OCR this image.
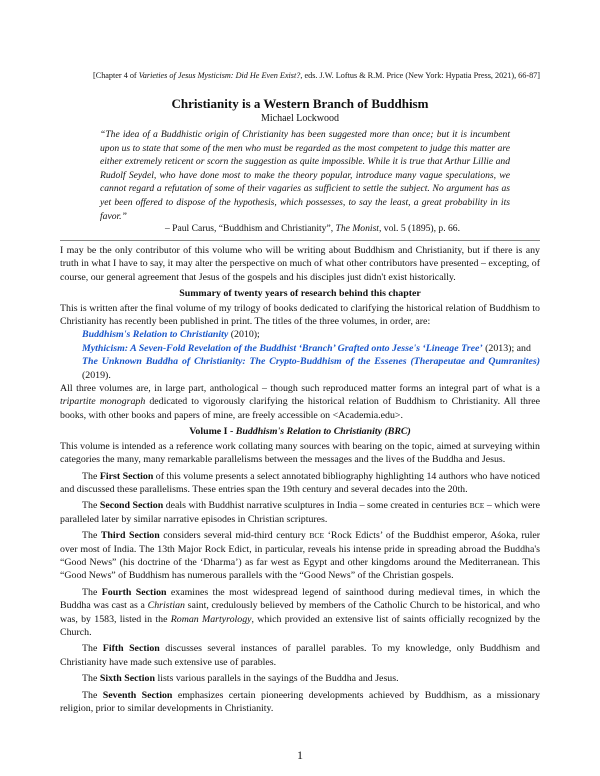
[Chapter 4 of Varieties of Jesus Mysticism: Did He Even Exist?, eds. J.W. Loftus & R.M. Price (New York: Hypatia Press, 2021), 66-87]
Christianity is a Western Branch of Buddhism
Michael Lockwood
“The idea of a Buddhistic origin of Christianity has been suggested more than once; but it is incumbent upon us to state that some of the men who must be regarded as the most competent to judge this matter are either extremely reticent or scorn the suggestion as quite impossible. While it is true that Arthur Lillie and Rudolf Seydel, who have done most to make the theory popular, introduce many vague speculations, we cannot regard a refutation of some of their vagaries as sufficient to settle the subject. No argument has as yet been offered to dispose of the hypothesis, which possesses, to say the least, a great probability in its favor.”
– Paul Carus, “Buddhism and Christianity”, The Monist, vol. 5 (1895), p. 66.

I may be the only contributor of this volume who will be writing about Buddhism and Christianity, but if there is any truth in what I have to say, it may alter the perspective on much of what other contributors have presented – excepting, of course, our general agreement that Jesus of the gospels and his disciples just didn't exist historically.

Summary of twenty years of research behind this chapter

This is written after the final volume of my trilogy of books dedicated to clarifying the historical relation of Buddhism to Christianity has recently been published in print. The titles of the three volumes, in order, are:

Buddhism's Relation to Christianity (2010);
Mythicism: A Seven-Fold Revelation of the Buddhist ‘Branch’ Grafted onto Jesse's ‘Lineage Tree’ (2013); and
The Unknown Buddha of Christianity: The Crypto-Buddhism of the Essenes (Therapeutae and Qumranites) (2019).

All three volumes are, in large part, anthological – though such reproduced matter forms an integral part of what is a tripartite monograph dedicated to vigorously clarifying the historical relation of Buddhism to Christianity. All three books, with other books and papers of mine, are freely accessible on <Academia.edu>.

Volume I - Buddhism's Relation to Christianity (BRC)

This volume is intended as a reference work collating many sources with bearing on the topic, aimed at surveying within categories the many, many remarkable parallelisms between the messages and the lives of the Buddha and Jesus.

The First Section of this volume presents a select annotated bibliography highlighting 14 authors who have noticed and discussed these parallelisms. These entries span the 19th century and several decades into the 20th.

The Second Section deals with Buddhist narrative sculptures in India – some created in centuries BCE – which were paralleled later by similar narrative episodes in Christian scriptures.

The Third Section considers several mid-third century BCE ‘Rock Edicts’ of the Buddhist emperor, Aśoka, ruler over most of India. The 13th Major Rock Edict, in particular, reveals his intense pride in spreading abroad the Buddha's “Good News” (his doctrine of the ‘Dharma’) as far west as Egypt and other kingdoms around the Mediterranean. This “Good News” of Buddhism has numerous parallels with the “Good News” of the Christian gospels.

The Fourth Section examines the most widespread legend of sainthood during medieval times, in which the Buddha was cast as a Christian saint, credulously believed by members of the Catholic Church to be historical, and who was, by 1583, listed in the Roman Martyrology, which provided an extensive list of saints officially recognized by the Church.

The Fifth Section discusses several instances of parallel parables. To my knowledge, only Buddhism and Christianity have made such extensive use of parables.

The Sixth Section lists various parallels in the sayings of the Buddha and Jesus.

The Seventh Section emphasizes certain pioneering developments achieved by Buddhism, as a missionary religion, prior to similar developments in Christianity.

1
